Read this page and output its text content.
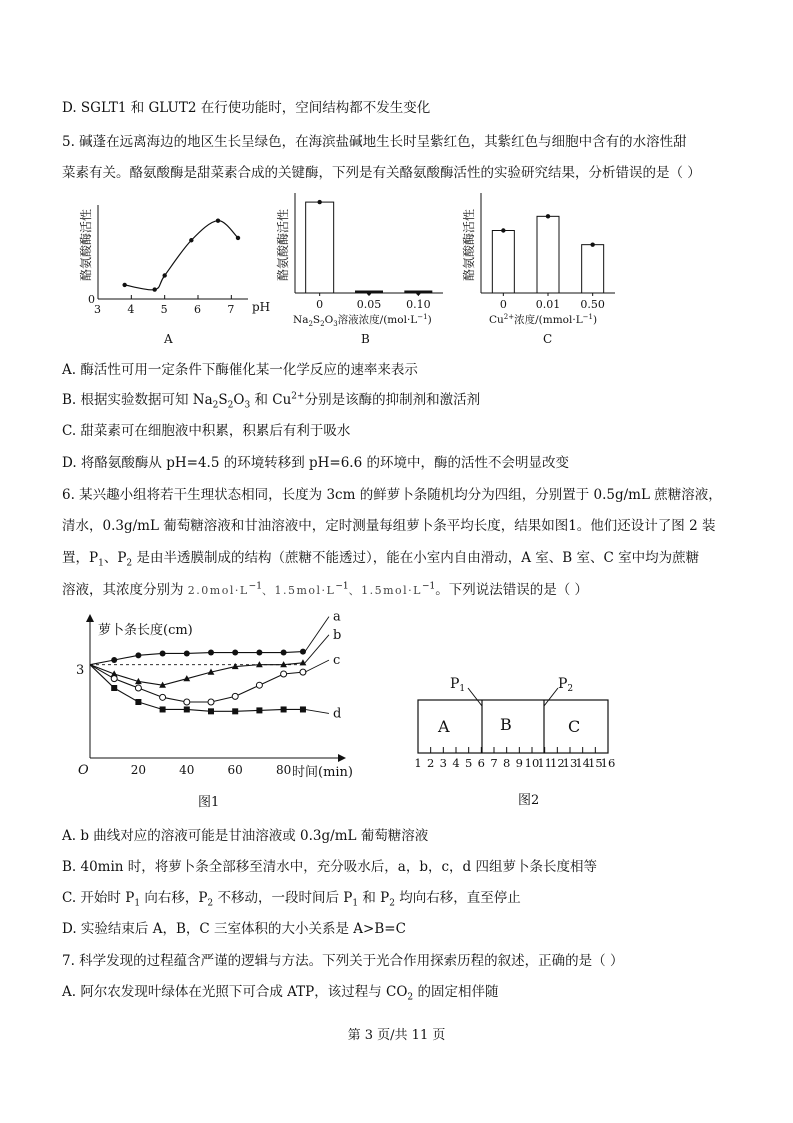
D. SGLT1 和 GLUT2 在行使功能时，空间结构都不发生变化
5. 碱蓬在远离海边的地区生长呈绿色，在海滨盐碱地生长时呈紫红色，其紫红色与细胞中含有的水溶性甜
菜素有关。酪氨酸酶是甜菜素合成的关键酶，下列是有关酪氨酸酶活性的实验研究结果，分析错误的是（ ）
酪氨酸酶活性
0
3 4 5 6 7 pH
A
酪氨酸酶活性
0	0.05 0.10
$Na_2S_2O_3$溶液浓度$/(mol\cdot L^{-1})$
B
酪氨酸酶活性
0	0.01 0.50
$Cu^{2+}$浓度$/(mmol\cdot L^{-1})$
C
A. 酶活性可用一定条件下酶催化某一化学反应的速率来表示
B. 根据实验数据可知 $Na_2S_2O_3$ 和 $Cu^{2+}$分别是该酶的抑制剂和激活剂
C. 甜菜素可在细胞液中积累，积累后有利于吸水
D. 将酪氨酸酶从 pH=4.5 的环境转移到 pH=6.6 的环境中，酶的活性不会明显改变
6. 某兴趣小组将若干生理状态相同，长度为 3cm 的鲜萝卜条随机均分为四组，分别置于 0.5g/mL 蔗糖溶液，
清水，0.3g/mL 葡萄糖溶液和甘油溶液中，定时测量每组萝卜条平均长度，结果如图1。他们还设计了图 2 装
置，$P_1$、$P_2$ 是由半透膜制成的结构（蔗糖不能透过），能在小室内自由滑动，A 室、B 室、C 室中均为蔗糖
溶液，其浓度分别为 $2.0mol\cdot L^{-1}$、$1.5mol\cdot L^{-1}$、$1.5mol\cdot L^{-1}$。下列说法错误的是（ ）
萝卜条长度(cm)
时间(min)
O
3
20	40	60	80
a
b
c
d
图1
$P_1$	$P_2$
A	B	C
1 2 3 4 5 6 7 8 9 10
11
12
13
14
15
16
图2
A. b 曲线对应的溶液可能是甘油溶液或 0.3g/mL 葡萄糖溶液
B. 40min 时，将萝卜条全部移至清水中，充分吸水后，a，b，c，d 四组萝卜条长度相等
C. 开始时 $P_1$ 向右移，$P_2$ 不移动，一段时间后 $P_1$ 和 $P_2$ 均向右移，直至停止
D. 实验结束后 A，B，C 三室体积的大小关系是 A>B=C
7. 科学发现的过程蕴含严谨的逻辑与方法。下列关于光合作用探索历程的叙述，正确的是（ ）
A. 阿尔农发现叶绿体在光照下可合成 ATP，该过程与 $CO_2$ 的固定相伴随
第 3 页/共 11 页
